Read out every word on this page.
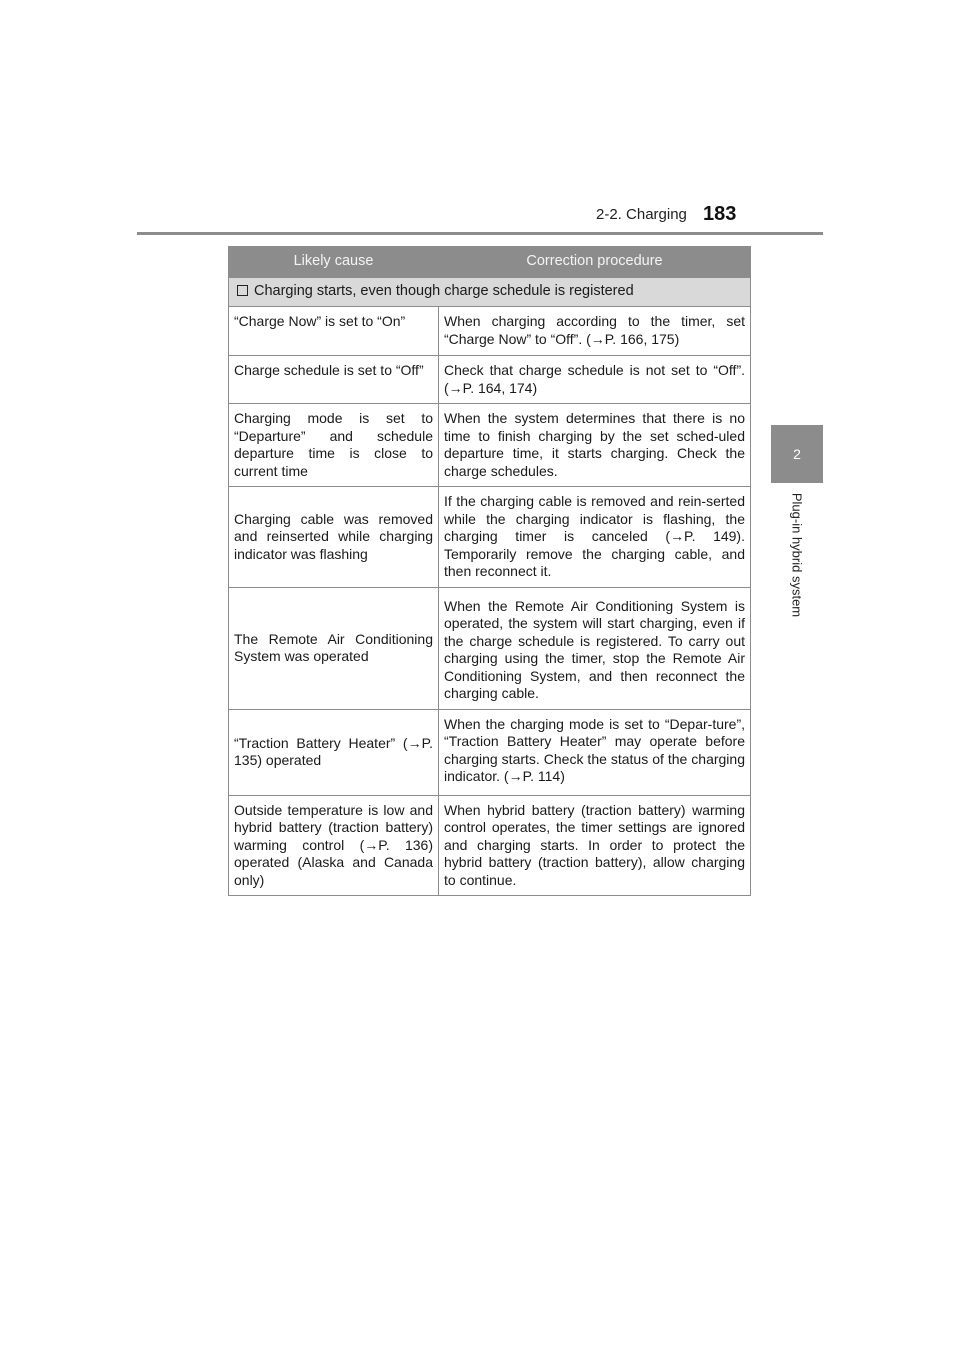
2-2. Charging 183
2
Plug-in hybrid system
Likely cause	Correction procedure
Charging starts, even though charge schedule is registered	
“Charge Now” is set to “On”	When charging according to the timer, set “Charge Now” to “Off”. (→P. 166, 175)
Charge schedule is set to “Off”	Check that charge schedule is not set to “Off”. (→P. 164, 174)
Charging mode is set to “Departure” and schedule departure time is close to current time	When the system determines that there is no time to finish charging by the set sched-uled departure time, it starts charging. Check the charge schedules.
Charging cable was removed and reinserted while charging indicator was flashing	If the charging cable is removed and rein-serted while the charging indicator is flashing, the charging timer is canceled (→P. 149). Temporarily remove the charging cable, and then reconnect it.
The Remote Air Conditioning System was operated	When the Remote Air Conditioning System is operated, the system will start charging, even if the charge schedule is registered. To carry out charging using the timer, stop the Remote Air Conditioning System, and then reconnect the charging cable.
“Traction Battery Heater” (→P. 135) operated	When the charging mode is set to “Depar-ture”, “Traction Battery Heater” may operate before charging starts. Check the status of the charging indicator. (→P. 114)
Outside temperature is low and hybrid battery (traction battery) warming control (→P. 136) operated (Alaska and Canada only)	When hybrid battery (traction battery) warming control operates, the timer settings are ignored and charging starts. In order to protect the hybrid battery (traction battery), allow charging to continue.
